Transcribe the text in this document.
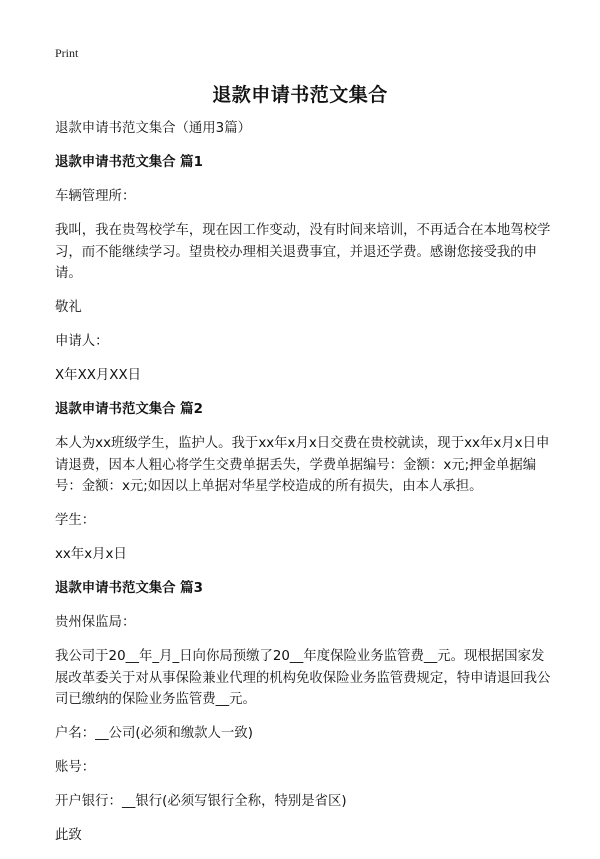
Print
退款申请书范文集合

退款申请书范文集合（通用3篇）

退款申请书范文集合 篇1

车辆管理所：

我叫，我在贵驾校学车，现在因工作变动，没有时间来培训，不再适合在本地驾校学习，而不能继续学习。望贵校办理相关退费事宜，并退还学费。感谢您接受我的申请。

敬礼

申请人：

X年XX月XX日

退款申请书范文集合 篇2

本人为xx班级学生，监护人。我于xx年x月x日交费在贵校就读，现于xx年x月x日申请退费，因本人粗心将学生交费单据丢失，学费单据编号：金额：x元;押金单据编号：金额：x元;如因以上单据对华星学校造成的所有损失，由本人承担。

学生：

xx年x月x日

退款申请书范文集合 篇3

贵州保监局：

我公司于20__年_月_日向你局预缴了20__年度保险业务监管费__元。现根据国家发展改革委关于对从事保险兼业代理的机构免收保险业务监管费规定，特申请退回我公司已缴纳的保险业务监管费__元。

户名：__公司(必须和缴款人一致)

账号：

开户银行：__银行(必须写银行全称，特别是省区)

此致
